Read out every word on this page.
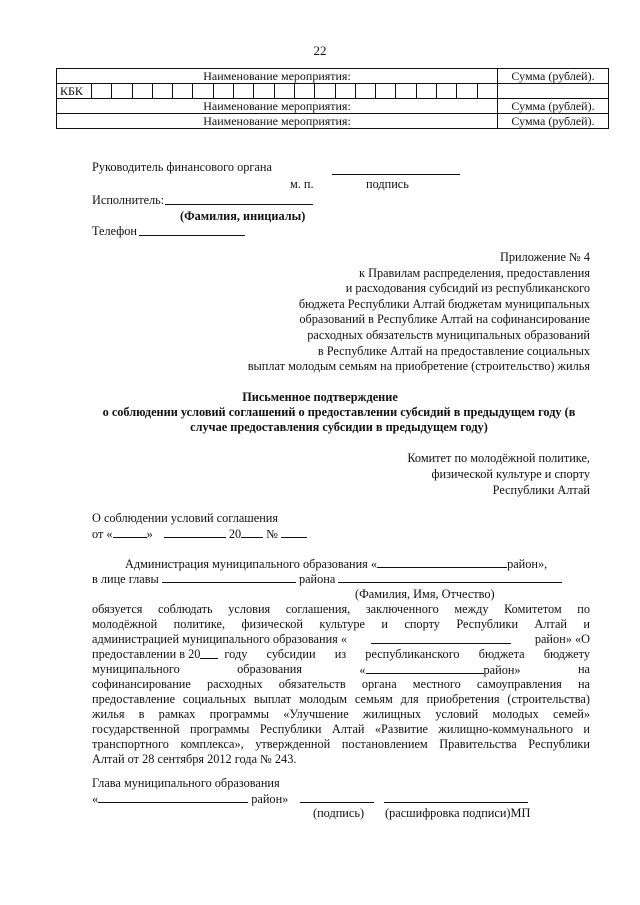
22
Наименование мероприятия:		Сумма (рублей).
КБК	

Наименование мероприятия:		Сумма (рублей).
Наименование мероприятия:		Сумма (рублей).
Руководитель финансового органа
м. п.	подпись
Исполнитель:
(Фамилия, инициалы)
Телефон
Приложение № 4
к Правилам распределения, предоставления
и расходования субсидий из республиканского
бюджета Республики Алтай бюджетам муниципальных
образований в Республике Алтай на софинансирование
расходных обязательств муниципальных образований
в Республике Алтай на предоставление социальных
выплат молодым семьям на приобретение (строительство) жилья
Письменное подтверждение
о соблюдении условий соглашений о предоставлении субсидий в предыдущем году (в
случае предоставления субсидии в предыдущем году)
Комитет по молодёжной политике,
физической культуре и спорту
Республики Алтай
О соблюдении условий соглашения
от «	»	20 №
Администрация муниципального образования «	район»,
в лице главы	района
(Фамилия, Имя, Отчество)
обязуется соблюдать условия соглашения, заключенного между Комитетом по
молодёжной политике, физической культуре и спорту Республики Алтай и
администрацией муниципального образования «	район» «О
предоставлении в 20 году субсидии из республиканского бюджета бюджету
муниципального	образования	«	район»	на
софинансирование расходных обязательств органа местного самоуправления на
предоставление социальных выплат молодым семьям для приобретения (строительства)
жилья в рамках программы «Улучшение жилищных условий молодых семей»
государственной программы Республики Алтай «Развитие жилищно-коммунального и
транспортного комплекса», утвержденной постановлением Правительства Республики
Алтай от 28 сентября 2012 года № 243.
Глава муниципального образования
«	район»
(подпись) (расшифровка подписи)МП
